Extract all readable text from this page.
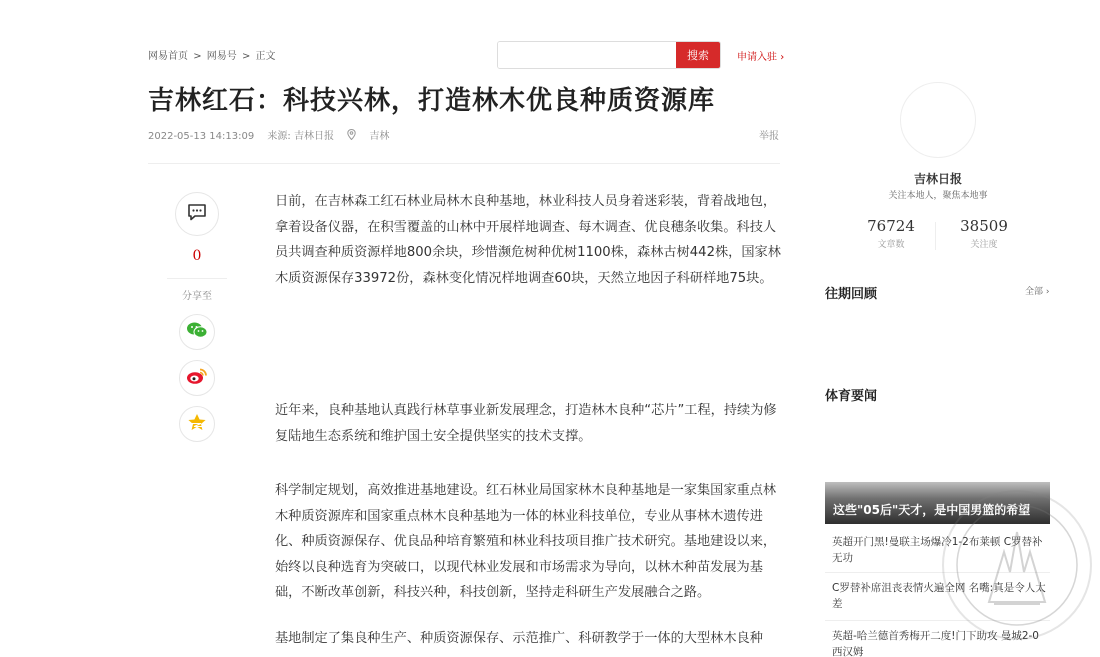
网易首页 > 网易号 > 正文	搜索	申请入驻 ›
吉林红石：科技兴林，打造林木优良种质资源库
2022-05-13 14:13:09 来源: 吉林日报	吉林	举报
0
分享至

日前，在吉林森工红石林业局林木良种基地，林业科技人员身着迷彩装，背着战地包，拿着设备仪器，在积雪覆盖的山林中开展样地调查、每木调查、优良穗条收集。科技人员共调查种质资源样地800余块，珍惜濒危树种优树1100株，森林古树442株，国家林木质资源保存33972份，森林变化情况样地调查60块，天然立地因子科研样地75块。

近年来，良种基地认真践行林草事业新发展理念，打造林木良种“芯片”工程，持续为修复陆地生态系统和维护国土安全提供坚实的技术支撑。

科学制定规划，高效推进基地建设。红石林业局国家林木良种基地是一家集国家重点林木种质资源库和国家重点林木良种基地为一体的林业科技单位，专业从事林木遗传进化、种质资源保存、优良品种培育繁殖和林业科技项目推广技术研究。基地建设以来，始终以良种选育为突破口，以现代林业发展和市场需求为导向，以林木种苗发展为基础，不断改革创新，科技兴种，科技创新，坚持走科研生产发展融合之路。

基地制定了集良种生产、种质资源保存、示范推广、科研教学于一体的大型林木良种

吉林日报
关注本地人，聚焦本地事
76724
文章数
38509
关注度
往期回顾	全部 ›
体育要闻
这些"05后"天才，是中国男篮的希望
英超开门黑!曼联主场爆冷1-2布莱顿 C罗替补无功
C罗替补席沮丧表情火遍全网 名嘴:真是令人太差
英超-哈兰德首秀梅开二度!门下助攻 曼城2-0西汉姆
